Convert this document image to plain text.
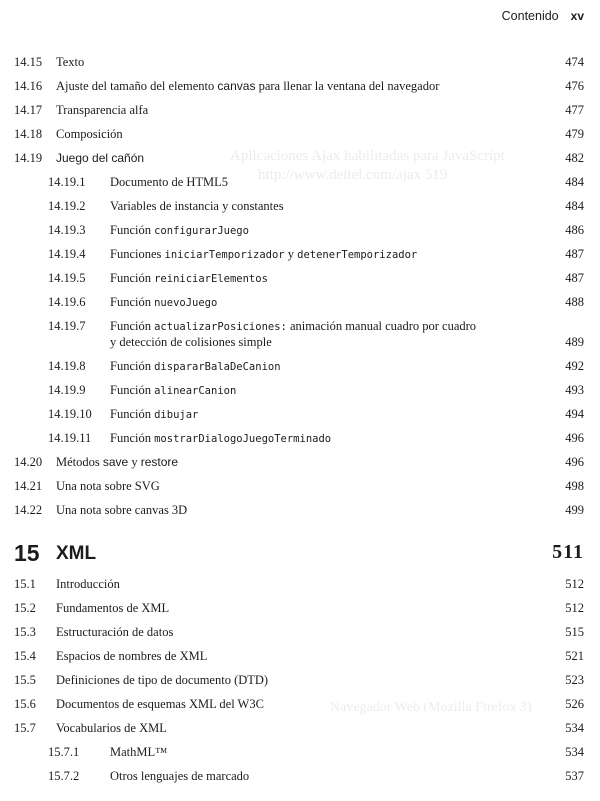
Aplicaciones Ajax habilitadas para JavaScript
http://www.deitel.com/ajax 519
Navegador Web (Mozilla Firefox 3)
Contenido xv
14.15 Texto	474
14.16 Ajuste del tamaño del elemento canvas para llenar la ventana del navegador	476
14.17 Transparencia alfa	477
14.18 Composición	479
14.19 Juego del cañón	482
14.19.1 Documento de HTML5	484
14.19.2 Variables de instancia y constantes	484
14.19.3 Función configurarJuego	486
14.19.4 Funciones iniciarTemporizador y detenerTemporizador	487
14.19.5 Función reiniciarElementos	487
14.19.6 Función nuevoJuego	488
14.19.7 Función actualizarPosiciones: animación manual cuadro por cuadro
y detección de colisiones simple	489
14.19.8 Función dispararBalaDeCanion	492
14.19.9 Función alinearCanion	493
14.19.10 Función dibujar	494
14.19.11 Función mostrarDialogoJuegoTerminado	496
14.20 Métodos save y restore	496
14.21 Una nota sobre SVG	498
14.22 Una nota sobre canvas 3D	499
15 XML	511
15.1 Introducción	512
15.2 Fundamentos de XML	512
15.3 Estructuración de datos	515
15.4 Espacios de nombres de XML	521
15.5 Definiciones de tipo de documento (DTD)	523
15.6 Documentos de esquemas XML del W3C	526
15.7 Vocabularios de XML	534
15.7.1 MathML™	534
15.7.2 Otros lenguajes de marcado	537
